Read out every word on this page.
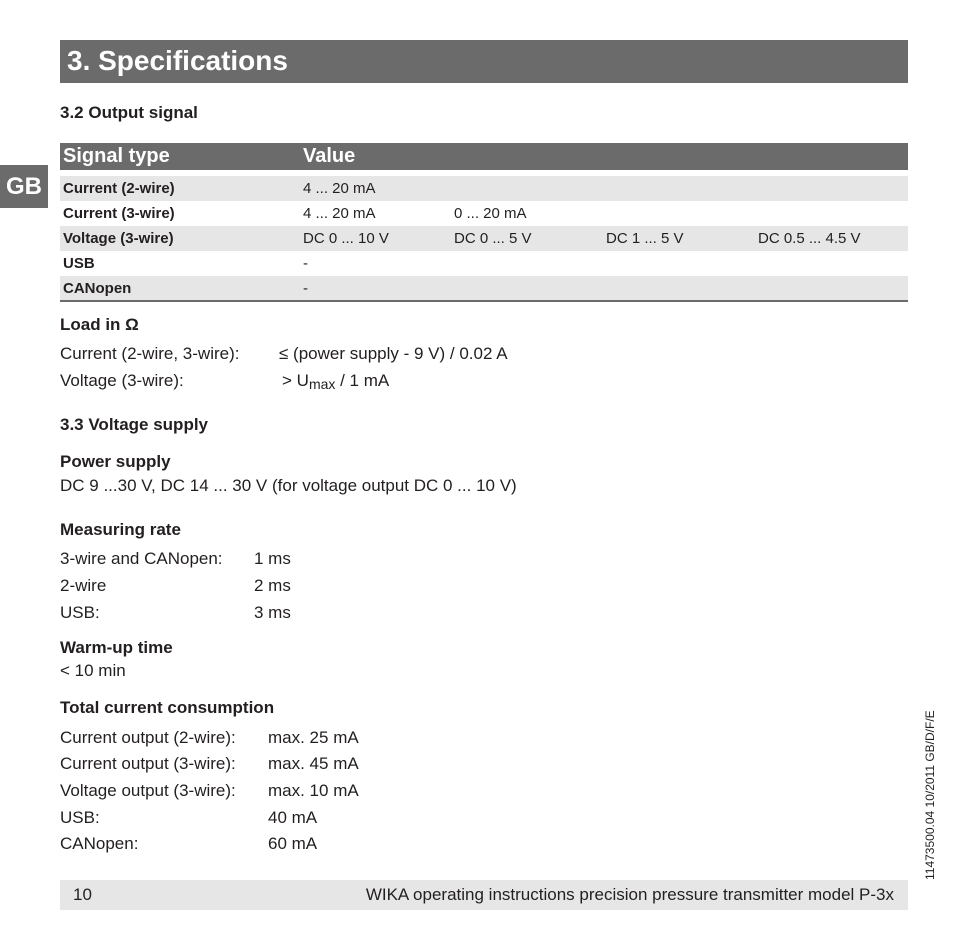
3. Specifications
GB
3.2 Output signal
Signal type	Value
Current (2-wire)	4 ... 20 mA
Current (3-wire)	4 ... 20 mA	0 ... 20 mA
Voltage (3-wire)	DC 0 ... 10 V	DC 0 ... 5 V	DC 1 ... 5 V	DC 0.5 ... 4.5 V
USB	-
CANopen	-
Load in Ω
Current (2-wire, 3-wire): ≤ (power supply - 9 V) / 0.02 A
Voltage (3-wire):	> Umax / 1 mA
3.3 Voltage supply
Power supply
DC 9 ...30 V, DC 14 ... 30 V (for voltage output DC 0 ... 10 V)
Measuring rate
3-wire and CANopen: 1 ms
2-wire	2 ms
USB:	3 ms
Warm-up time
< 10 min
Total current consumption
Current output (2-wire): max. 25 mA
Current output (3-wire): max. 45 mA
Voltage output (3-wire): max. 10 mA
USB:	40 mA
CANopen:	60 mA
10	WIKA operating instructions precision pressure transmitter model P-3x
11473500.04 10/2011 GB/D/F/E
